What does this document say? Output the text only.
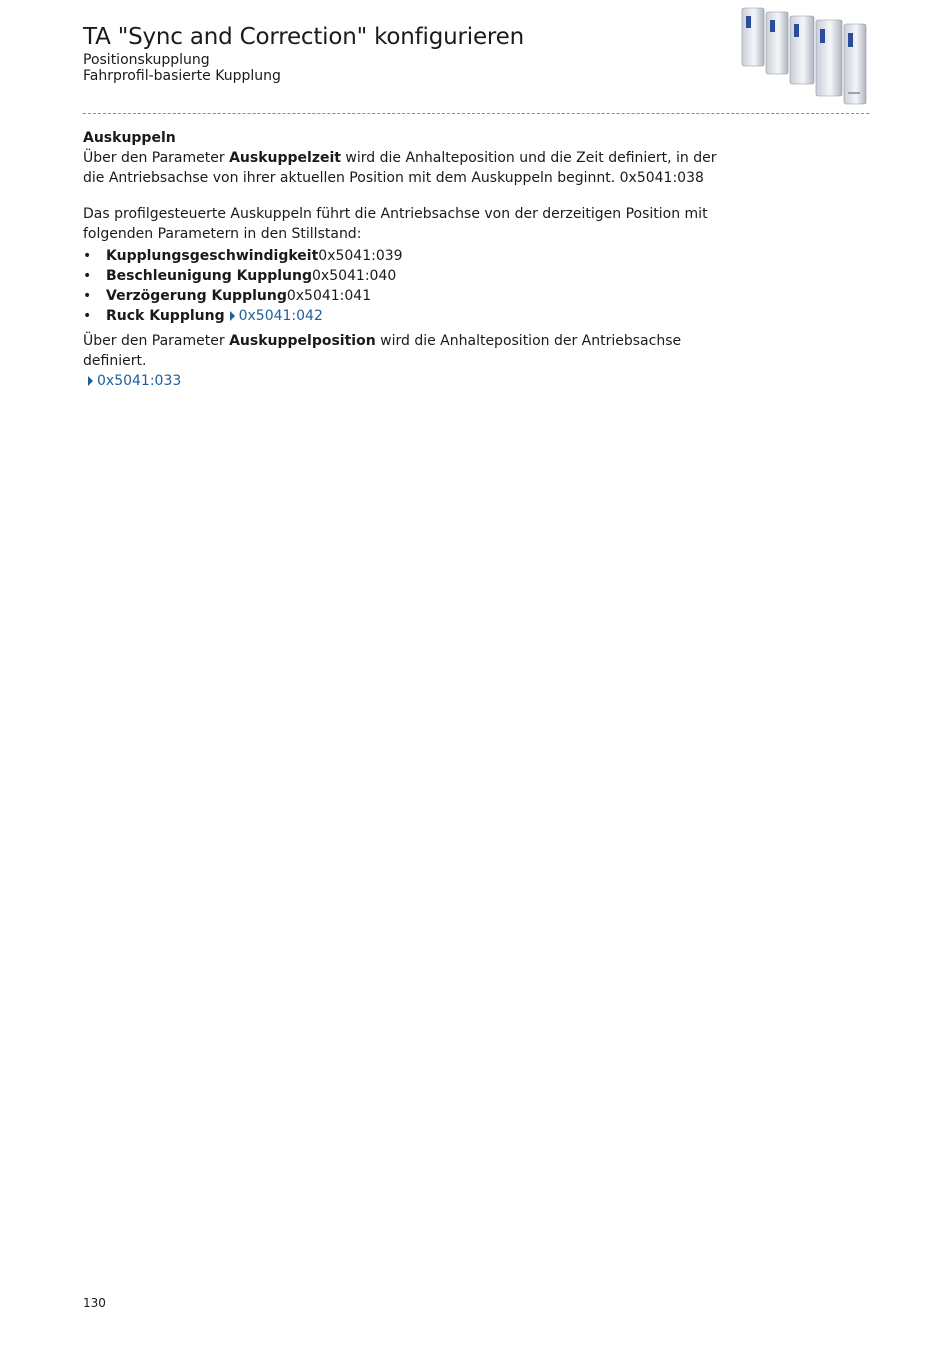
TA "Sync and Correction" konfigurieren
Positionskupplung
Fahrprofil-basierte Kupplung

Auskuppeln

Über den Parameter Auskuppelzeit wird die Anhalteposition und die Zeit definiert, in der die Antriebsachse von ihrer aktuellen Position mit dem Auskuppeln beginnt. 0x5041:038

Das profilgesteuerte Auskuppeln führt die Antriebsachse von der derzeitigen Position mit folgenden Parametern in den Stillstand:

• Kupplungsgeschwindigkeit0x5041:039
• Beschleunigung Kupplung0x5041:040
• Verzögerung Kupplung0x5041:041
• Ruck Kupplung 0x5041:042

Über den Parameter Auskuppelposition wird die Anhalteposition der Antriebsachse definiert.

0x5041:033

130
